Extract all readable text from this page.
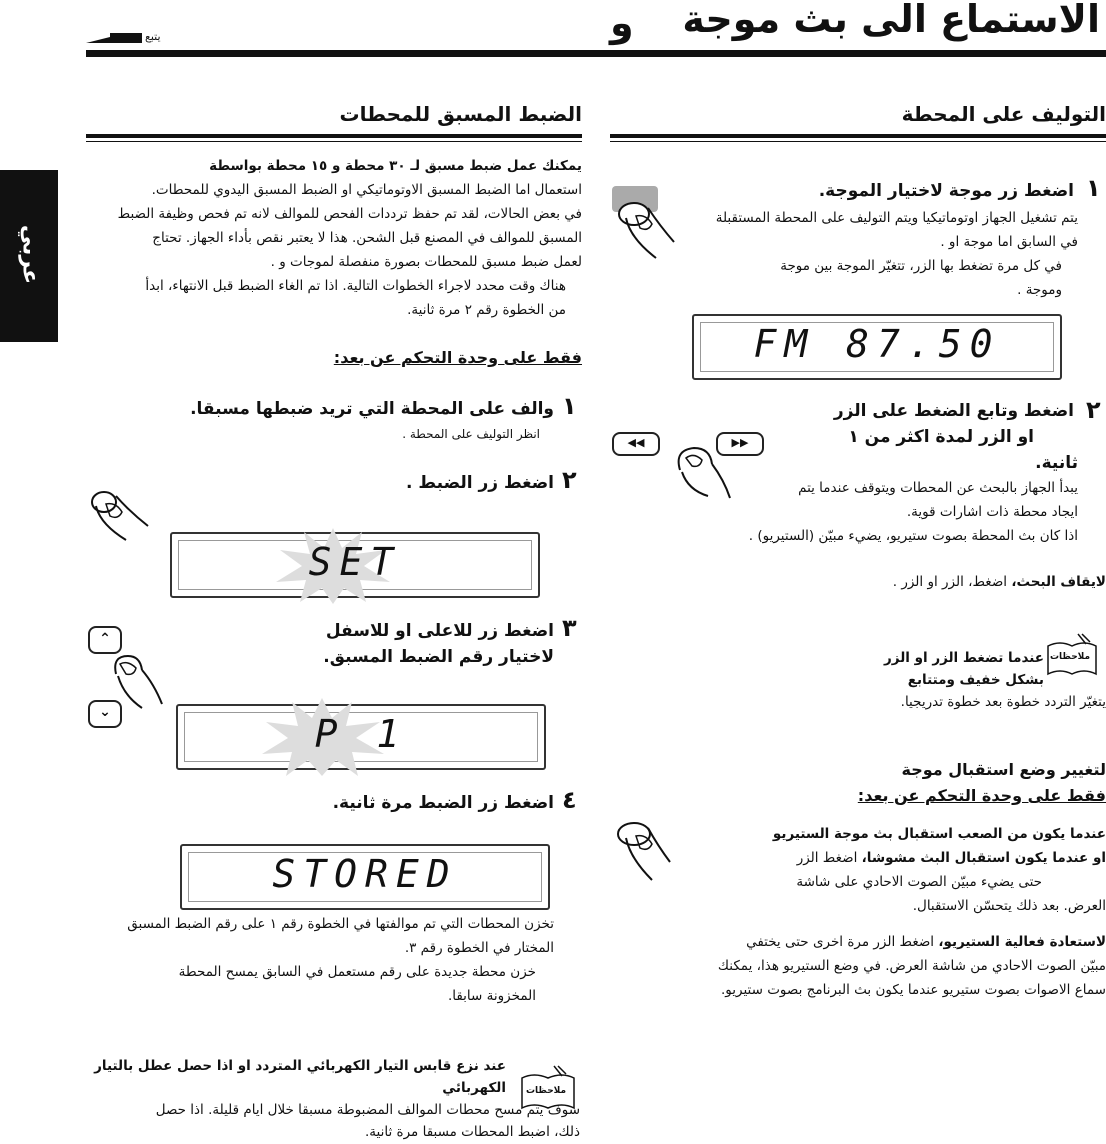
الاستماع الى بث موجة
و
يتبع
عربي
التوليف على المحطة
١
اضغط زر موجة لاختيار الموجة.
يتم تشغيل الجهاز اوتوماتيكيا ويتم التوليف على المحطة المستقبلة
في السابق اما موجة او .
في كل مرة تضغط بها الزر، تتغيّر الموجة بين موجة
وموجة .
FM 87.50
٢
اضغط وتابع الضغط على الزر
او الزر لمدة اكثر من ١
ثانية.
يبدأ الجهاز بالبحث عن المحطات ويتوقف عندما يتم
ايجاد محطة ذات اشارات قوية.
اذا كان بث المحطة بصوت ستيريو، يضيء مبيّن (الستيريو) .
◀◀	▶▶
لايقاف البحث، اضغط، الزر او الزر .
ملاحظات
عندما تضغط الزر او الزر
بشكل خفيف ومتتابع
يتغيّر التردد خطوة بعد خطوة تدريجيا.
لتغيير وضع استقبال موجة
فقط على وحدة التحكم عن بعد:
عندما يكون من الصعب استقبال بث موجة الستيريو
او عندما يكون استقبال البث مشوشا، اضغط الزر
حتى يضيء مبيّن الصوت الاحادي على شاشة
العرض. بعد ذلك يتحسّن الاستقبال.
لاستعادة فعالية الستيريو، اضغط الزر مرة اخرى حتى يختفي
مبيّن الصوت الاحادي من شاشة العرض. في وضع الستيريو هذا، يمكنك
سماع الاصوات بصوت ستيريو عندما يكون بث البرنامج بصوت ستيريو.
الضبط المسبق للمحطات
يمكنك عمل ضبط مسبق لـ ٣٠ محطة و ١٥ محطة بواسطة
استعمال اما الضبط المسبق الاوتوماتيكي او الضبط المسبق اليدوي للمحطات.
في بعض الحالات، لقد تم حفظ ترددات الفحص للموالف لانه تم فحص وظيفة الضبط
المسبق للموالف في المصنع قبل الشحن. هذا لا يعتبر نقص بأداء الجهاز. تحتاج
لعمل ضبط مسبق للمحطات بصورة منفصلة لموجات و .
هناك وقت محدد لاجراء الخطوات التالية. اذا تم الغاء الضبط قبل الانتهاء، ابدأ
من الخطوة رقم ٢ مرة ثانية.
فقط على وحدة التحكم عن بعد:
١
والف على المحطة التي تريد ضبطها مسبقا.
انظر التوليف على المحطة .
٢
اضغط زر الضبط .
SET
٣
اضغط زر للاعلى او للاسفل
لاختيار رقم الضبط المسبق.
⌃
⌄	P 1
٤
اضغط زر الضبط مرة ثانية.
STORED
تخزن المحطات التي تم موالفتها في الخطوة رقم ١ على رقم الضبط المسبق
المختار في الخطوة رقم ٣.
خزن محطة جديدة على رقم مستعمل في السابق يمسح المحطة
المخزونة سابقا.
عند نزع قابس التيار الكهربائي المتردد او اذا حصل عطل بالتيار
الكهربائي ملاحظات
سوف يتم مسح محطات الموالف المضبوطة مسبقا خلال ايام قليلة. اذا حصل
ذلك، اضبط المحطات مسبقا مرة ثانية.
